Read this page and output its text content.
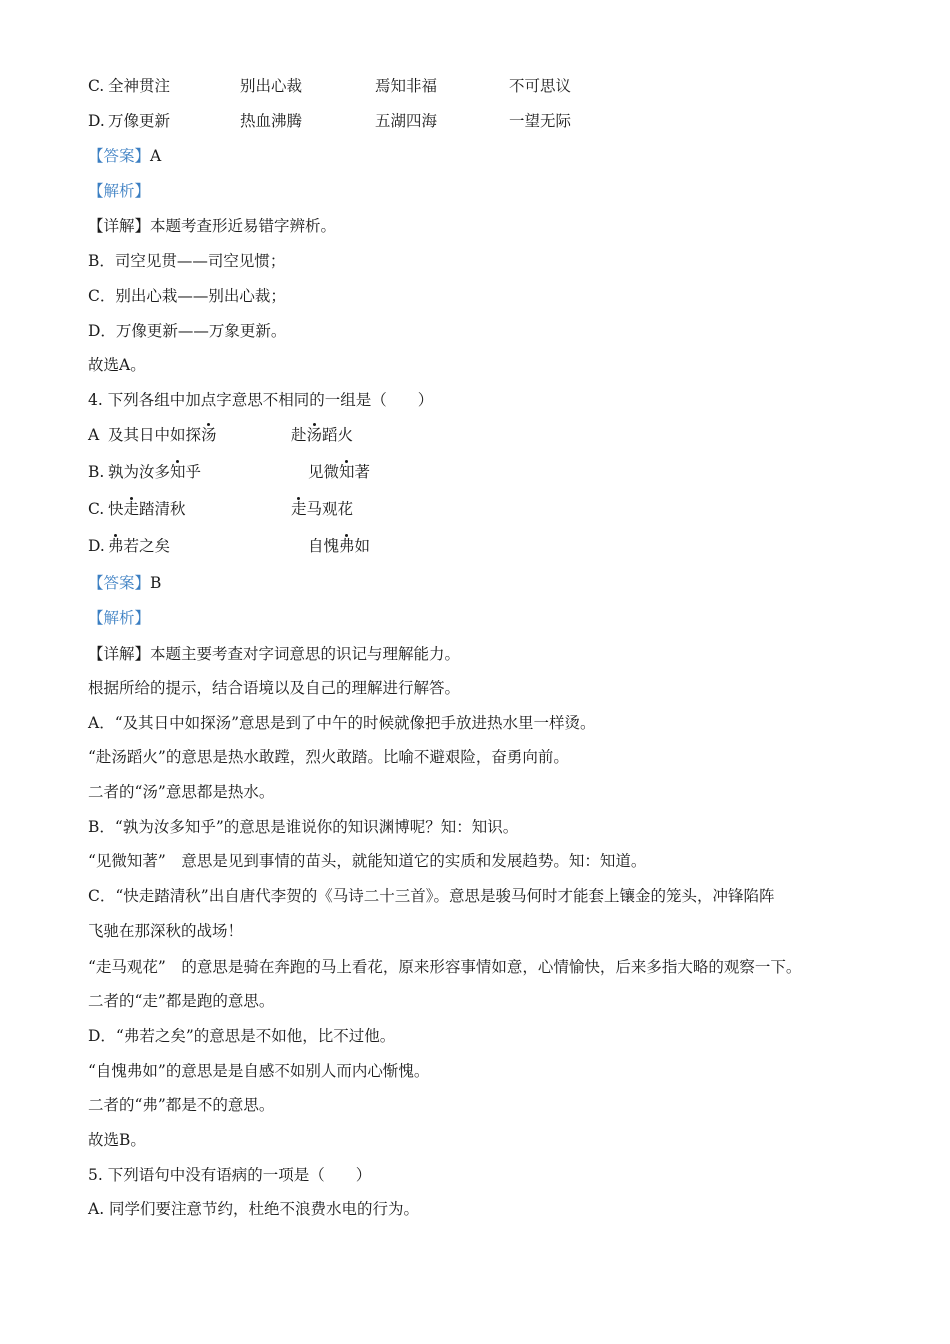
C. 全神贯注	别出心裁	焉知非福	不可思议
D. 万像更新	热血沸腾	五湖四海	一望无际
【答案】A
【解析】
【详解】本题考查形近易错字辨析。
B．司空见贯——司空见惯；
C．别出心栽——别出心裁；
D．万像更新——万象更新。
故选A。
4. 下列各组中加点字意思不相同的一组是（　　）
A 及其日中如探汤	赴汤蹈火
B. 孰为汝多知乎	见微知著
C. 快走踏清秋	走马观花
D. 弗若之矣	自愧弗如
【答案】B
【解析】
【详解】本题主要考查对字词意思的识记与理解能力。
根据所给的提示，结合语境以及自己的理解进行解答。
A．“及其日中如探汤”意思是到了中午的时候就像把手放进热水里一样烫。
“赴汤蹈火”的意思是热水敢蹚，烈火敢踏。比喻不避艰险，奋勇向前。
二者的“汤”意思都是热水。
B．“孰为汝多知乎”的意思是谁说你的知识渊博呢？知：知识。
“见微知著”　意思是见到事情的苗头，就能知道它的实质和发展趋势。知：知道。
C．“快走踏清秋”出自唐代李贺的《马诗二十三首》。意思是骏马何时才能套上镶金的笼头，冲锋陷阵
飞驰在那深秋的战场！
“走马观花”　的意思是骑在奔跑的马上看花，原来形容事情如意，心情愉快，后来多指大略的观察一下。
二者的“走”都是跑的意思。
D．“弗若之矣”的意思是不如他，比不过他。
“自愧弗如”的意思是是自感不如别人而内心惭愧。
二者的“弗”都是不的意思。
故选B。
5. 下列语句中没有语病的一项是（　　）
A. 同学们要注意节约，杜绝不浪费水电的行为。
